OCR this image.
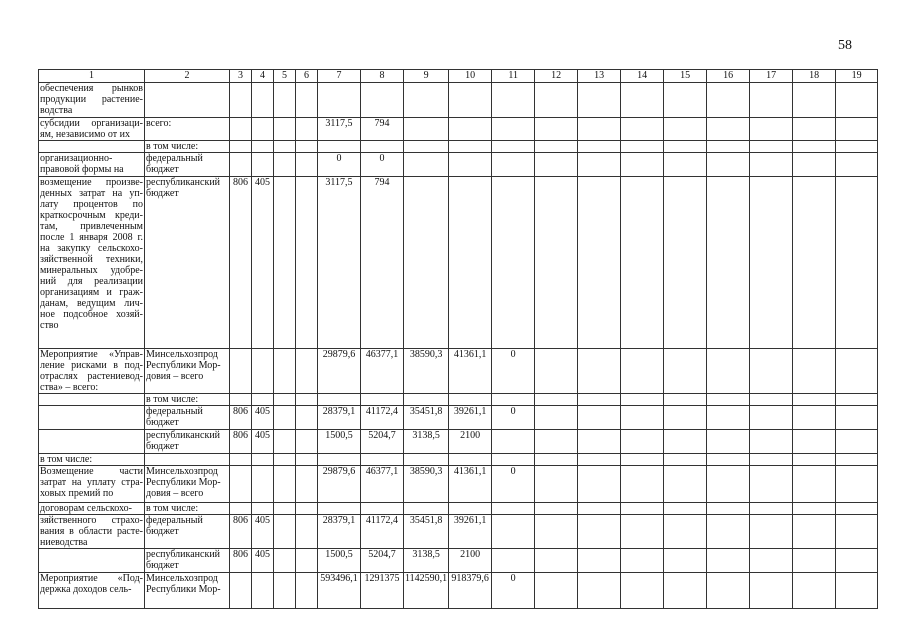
58
1	2	3	4	5	6	7	8	9	10	11	12	13	14	15	16	17	18	19
обеспечения рынков продукции растение-водства																		
субсидии организаци-ям, независимо от их	всего:					3117,5	794											
	в том числе:																	
организационно-правовой формы на	федеральный бюджет					0	0											
возмещение произве-денных затрат на уп-лату процентов по краткосрочным креди-там, привлеченным после 1 января 2008 г. на закупку сельскохо-зяйственной техники, минеральных удобре-ний для реализации организациям и граж-данам, ведущим лич-ное подсобное хозяй-ство	республиканский бюджет	806	405			3117,5	794											
Мероприятие «Управ-ление рисками в под-отраслях растениевод-ства» – всего:	Минсельхозпрод Республики Мор-довия – всего					29879,6	46377,1	38590,3	41361,1	0								
	в том числе:																	
	федеральный бюджет	806	405			28379,1	41172,4	35451,8	39261,1	0								
	республиканский бюджет	806	405			1500,5	5204,7	3138,5	2100									
в том числе:																		
Возмещение части затрат на уплату стра-ховых премий по	Минсельхозпрод Республики Мор-довия – всего					29879,6	46377,1	38590,3	41361,1	0								
договорам сельскохо-	в том числе:																	
зяйственного страхо-вания в области расте-ниеводства	федеральный бюджет	806	405			28379,1	41172,4	35451,8	39261,1									
	республиканский бюджет	806	405			1500,5	5204,7	3138,5	2100									
Мероприятие «Под-держка доходов сель-	Минсельхозпрод Республики Мор-					593496,1	1291375	1142590,1	918379,6	0								
